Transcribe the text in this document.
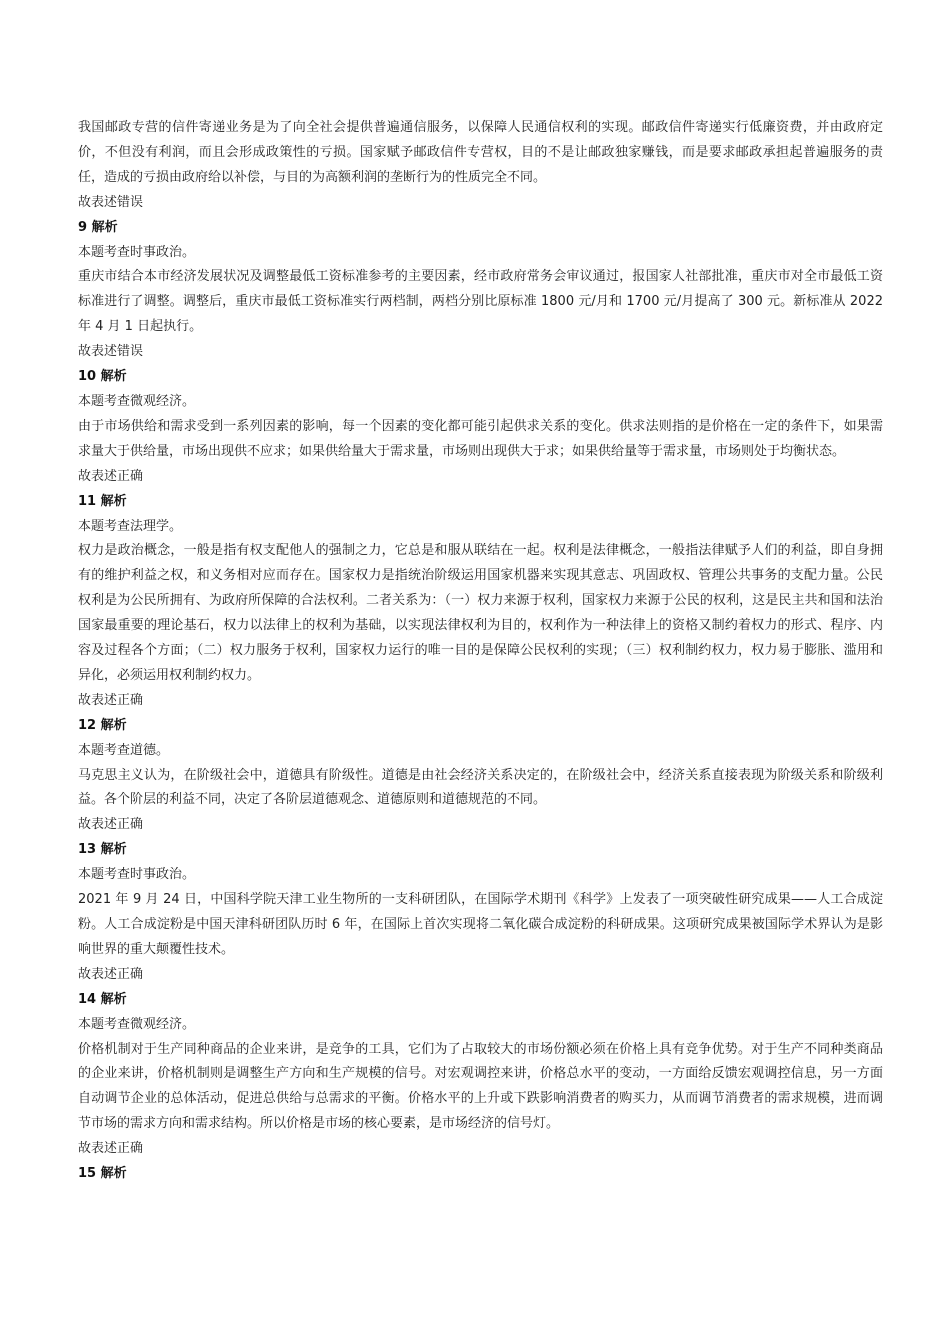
我国邮政专营的信件寄递业务是为了向全社会提供普遍通信服务，以保障人民通信权利的实现。邮政信件寄递实行低廉资费，并由政府定价，不但没有利润，而且会形成政策性的亏损。国家赋予邮政信件专营权，目的不是让邮政独家赚钱，而是要求邮政承担起普遍服务的责任，造成的亏损由政府给以补偿，与目的为高额利润的垄断行为的性质完全不同。

故表述错误

9 解析

本题考查时事政治。

重庆市结合本市经济发展状况及调整最低工资标准参考的主要因素，经市政府常务会审议通过，报国家人社部批准，重庆市对全市最低工资标准进行了调整。调整后，重庆市最低工资标准实行两档制，两档分别比原标准 1800 元/月和 1700 元/月提高了 300 元。新标准从 2022 年 4 月 1 日起执行。

故表述错误

10 解析

本题考查微观经济。

由于市场供给和需求受到一系列因素的影响，每一个因素的变化都可能引起供求关系的变化。供求法则指的是价格在一定的条件下，如果需求量大于供给量，市场出现供不应求；如果供给量大于需求量，市场则出现供大于求；如果供给量等于需求量，市场则处于均衡状态。

故表述正确

11 解析

本题考查法理学。

权力是政治概念，一般是指有权支配他人的强制之力，它总是和服从联结在一起。权利是法律概念，一般指法律赋予人们的利益，即自身拥有的维护利益之权，和义务相对应而存在。国家权力是指统治阶级运用国家机器来实现其意志、巩固政权、管理公共事务的支配力量。公民权利是为公民所拥有、为政府所保障的合法权利。二者关系为：（一）权力来源于权利，国家权力来源于公民的权利，这是民主共和国和法治国家最重要的理论基石，权力以法律上的权利为基础，以实现法律权利为目的，权利作为一种法律上的资格又制约着权力的形式、程序、内容及过程各个方面；（二）权力服务于权利，国家权力运行的唯一目的是保障公民权利的实现；（三）权利制约权力，权力易于膨胀、滥用和异化，必须运用权利制约权力。

故表述正确

12 解析

本题考查道德。

马克思主义认为，在阶级社会中，道德具有阶级性。道德是由社会经济关系决定的，在阶级社会中，经济关系直接表现为阶级关系和阶级利益。各个阶层的利益不同，决定了各阶层道德观念、道德原则和道德规范的不同。

故表述正确

13 解析

本题考查时事政治。

2021 年 9 月 24 日，中国科学院天津工业生物所的一支科研团队，在国际学术期刊《科学》上发表了一项突破性研究成果——人工合成淀粉。人工合成淀粉是中国天津科研团队历时 6 年，在国际上首次实现将二氧化碳合成淀粉的科研成果。这项研究成果被国际学术界认为是影响世界的重大颠覆性技术。

故表述正确

14 解析

本题考查微观经济。

价格机制对于生产同种商品的企业来讲，是竞争的工具，它们为了占取较大的市场份额必须在价格上具有竞争优势。对于生产不同种类商品的企业来讲，价格机制则是调整生产方向和生产规模的信号。对宏观调控来讲，价格总水平的变动，一方面给反馈宏观调控信息，另一方面自动调节企业的总体活动，促进总供给与总需求的平衡。价格水平的上升或下跌影响消费者的购买力，从而调节消费者的需求规模，进而调节市场的需求方向和需求结构。所以价格是市场的核心要素，是市场经济的信号灯。

故表述正确

15 解析
